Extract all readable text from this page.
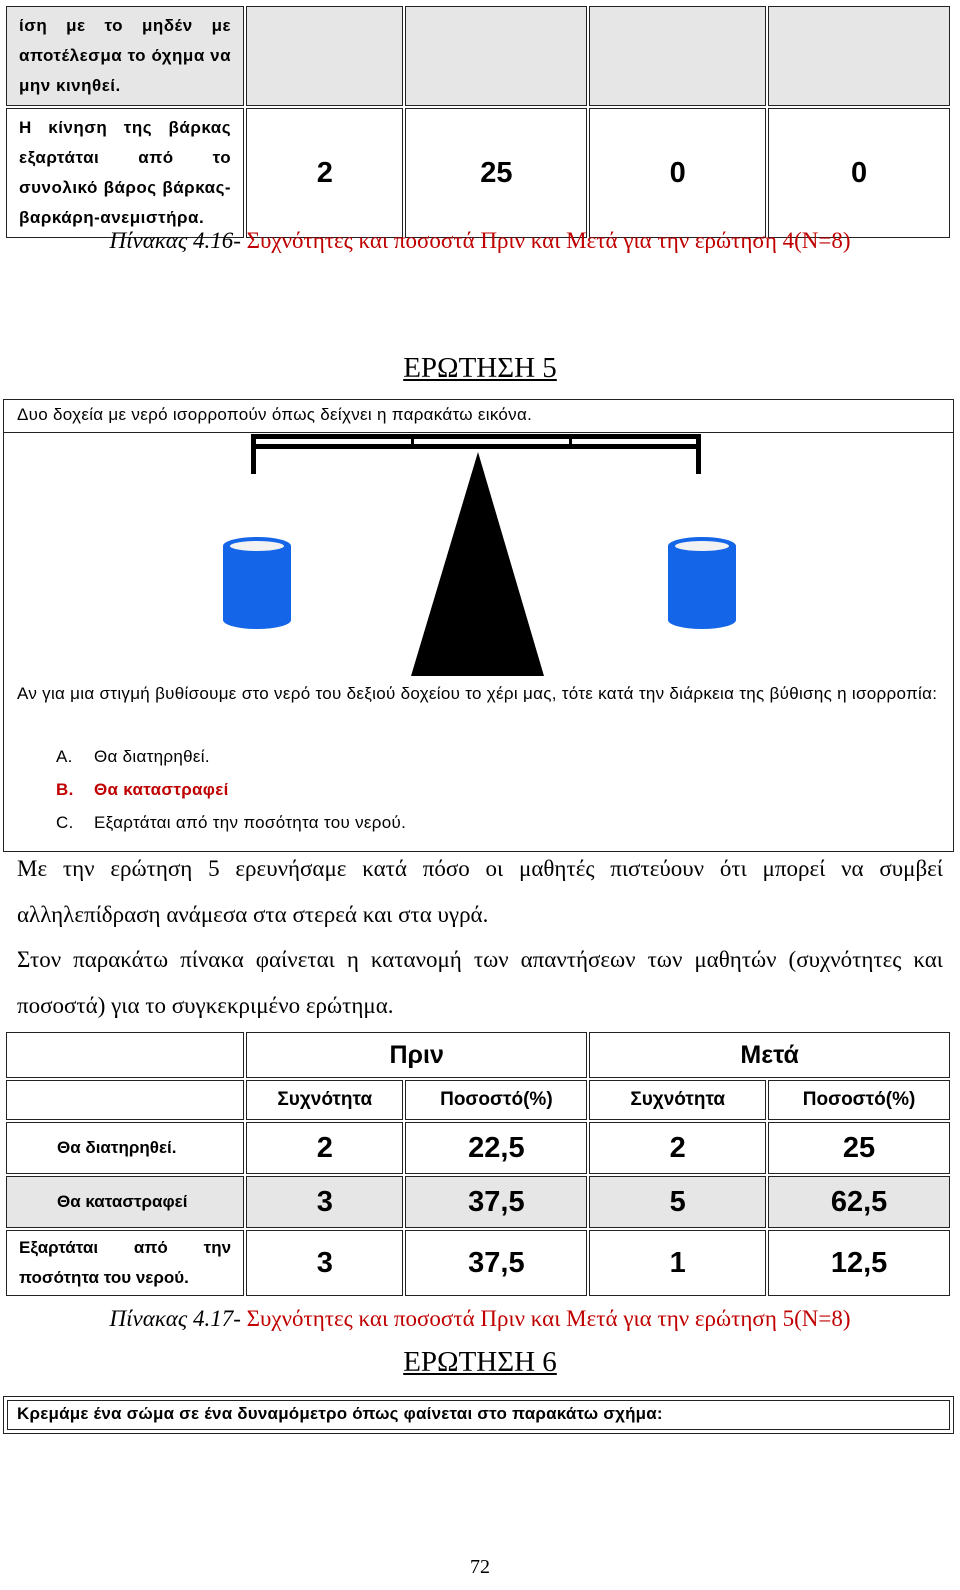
ίση με το μηδέν με αποτέλεσμα το όχημα να μην κινηθεί.				
Η κίνηση της βάρκας εξαρτάται από το συνολικό βάρος βάρκας-βαρκάρη-ανεμιστήρα.	2	25	0	0
Πίνακας 4.16- Συχνότητες και ποσοστά Πριν και Μετά για την ερώτηση 4(N=8)
ΕΡΩΤΗΣΗ 5
Δυο δοχεία με νερό ισορροπούν όπως δείχνει η παρακάτω εικόνα.
Αν για μια στιγμή βυθίσουμε στο νερό του δεξιού δοχείου το χέρι μας, τότε κατά την διάρκεια της βύθισης η ισορροπία:
Α. Θα διατηρηθεί.
Β. Θα καταστραφεί
C. Εξαρτάται από την ποσότητα του νερού.
Με την ερώτηση 5 ερευνήσαμε κατά πόσο οι μαθητές πιστεύουν ότι μπορεί να συμβεί αλληλεπίδραση ανάμεσα στα στερεά και στα υγρά.
Στον παρακάτω πίνακα φαίνεται η κατανομή των απαντήσεων των μαθητών (συχνότητες και ποσοστά) για το συγκεκριμένο ερώτημα.
	Πριν		Μετά	
	Συχνότητα	Ποσοστό(%)	Συχνότητα	Ποσοστό(%)
Θα διατηρηθεί.	2	22,5	2	25
Θα καταστραφεί	3	37,5	5	62,5
Εξαρτάται από την ποσότητα του νερού.	3	37,5	1	12,5
Πίνακας 4.17- Συχνότητες και ποσοστά Πριν και Μετά για την ερώτηση 5(N=8)
ΕΡΩΤΗΣΗ 6
Κρεμάμε ένα σώμα σε ένα δυναμόμετρο όπως φαίνεται στο παρακάτω σχήμα:
72
